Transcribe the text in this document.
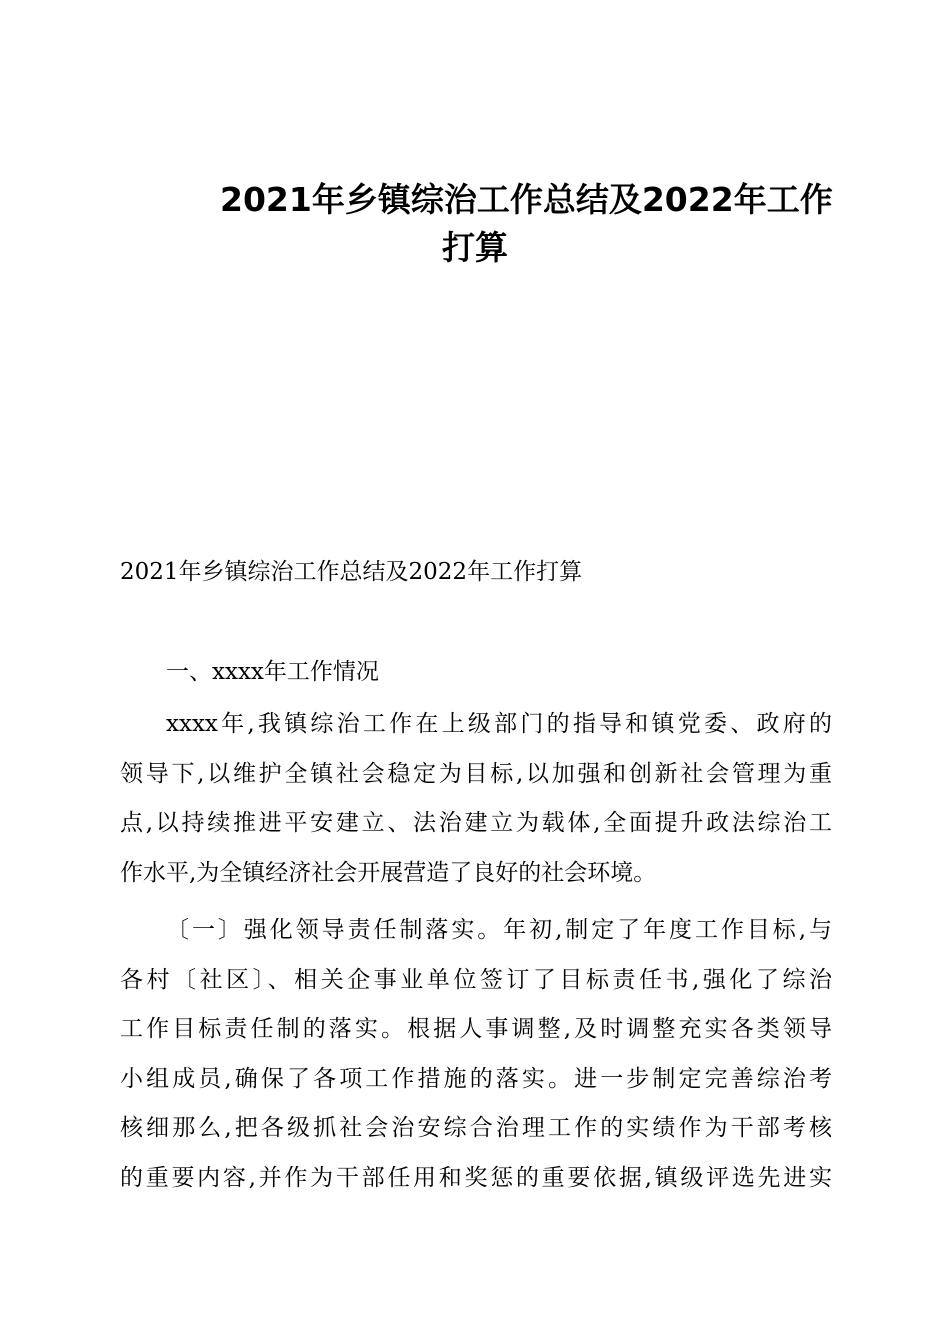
2021年乡镇综治工作总结及2022年工作
打算

2021年乡镇综治工作总结及2022年工作打算

一、xxxx年工作情况

xxxx年,我镇综治工作在上级部门的指导和镇党委、政府的
领导下,以维护全镇社会稳定为目标,以加强和创新社会管理为重
点,以持续推进平安建立、法治建立为载体,全面提升政法综治工
作水平,为全镇经济社会开展营造了良好的社会环境。
〔一〕强化领导责任制落实。年初,制定了年度工作目标,与
各村〔社区〕、相关企事业单位签订了目标责任书,强化了综治
工作目标责任制的落实。根据人事调整,及时调整充实各类领导
小组成员,确保了各项工作措施的落实。进一步制定完善综治考
核细那么,把各级抓社会治安综合治理工作的实绩作为干部考核
的重要内容,并作为干部任用和奖惩的重要依据,镇级评选先进实
